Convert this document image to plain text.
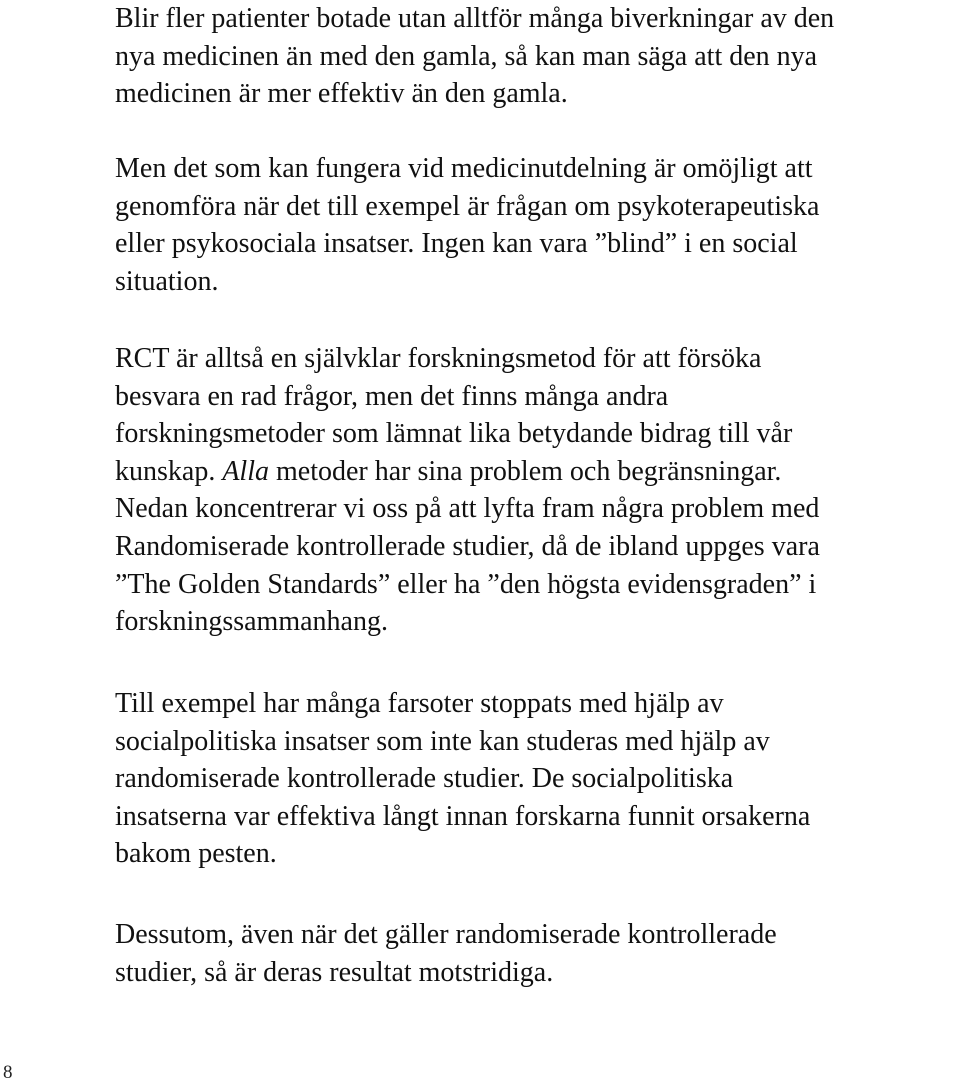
Blir fler patienter botade utan alltför många biverkningar av den
nya medicinen än med den gamla, så kan man säga att den nya
medicinen är mer effektiv än den gamla.

Men det som kan fungera vid medicinutdelning är omöjligt att
genomföra när det till exempel är frågan om psykoterapeutiska
eller psykosociala insatser. Ingen kan vara ”blind” i en social
situation.

RCT är alltså en självklar forskningsmetod för att försöka
besvara en rad frågor, men det finns många andra
forskningsmetoder som lämnat lika betydande bidrag till vår
kunskap. Alla metoder har sina problem och begränsningar.
Nedan koncentrerar vi oss på att lyfta fram några problem med
Randomiserade kontrollerade studier, då de ibland uppges vara
”The Golden Standards” eller ha ”den högsta evidensgraden” i
forskningssammanhang.

Till exempel har många farsoter stoppats med hjälp av
socialpolitiska insatser som inte kan studeras med hjälp av
randomiserade kontrollerade studier. De socialpolitiska
insatserna var effektiva långt innan forskarna funnit orsakerna
bakom pesten.

Dessutom, även när det gäller randomiserade kontrollerade
studier, så är deras resultat motstridiga.

8
